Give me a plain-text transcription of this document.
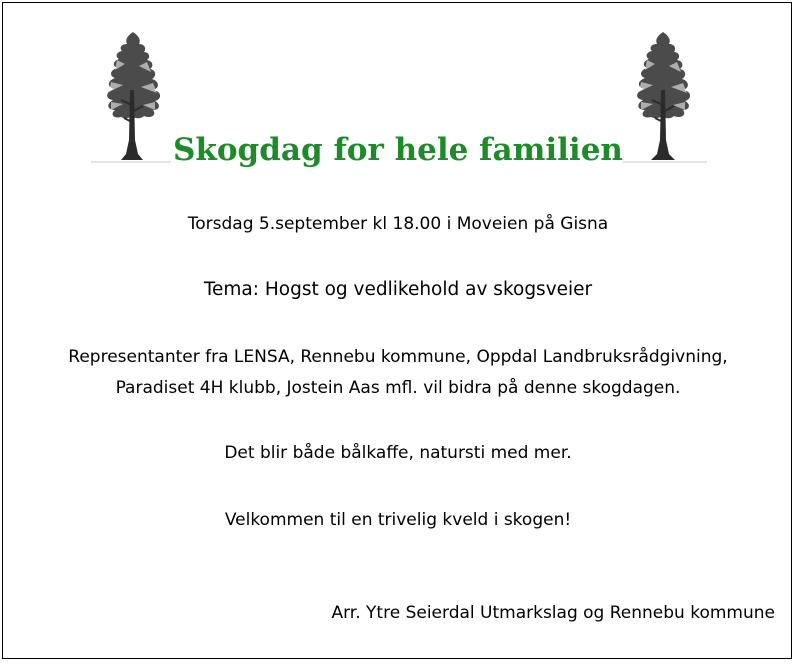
Skogdag for hele familien
Torsdag 5.september kl 18.00 i Moveien på Gisna
Tema: Hogst og vedlikehold av skogsveier
Representanter fra LENSA, Rennebu kommune, Oppdal Landbruksrådgivning,
Paradiset 4H klubb, Jostein Aas mfl. vil bidra på denne skogdagen.
Det blir både bålkaffe, natursti med mer.
Velkommen til en trivelig kveld i skogen!
Arr. Ytre Seierdal Utmarkslag og Rennebu kommune
